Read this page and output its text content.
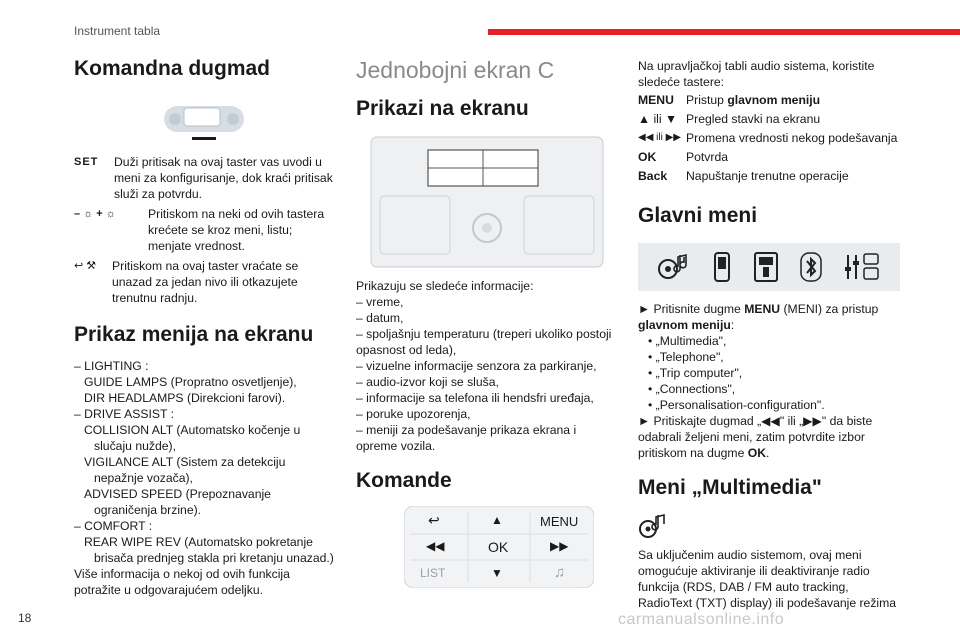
Instrument tabla
Komandna dugmad
SET	Duži pritisak na ovaj taster vas uvodi u meni za konfigurisanje, dok kraći pritisak služi za potvrdu.
– ☼ + ☼	Pritiskom na neki od ovih tastera krećete se kroz meni, listu; menjate vrednost.
↩ ⚒	Pritiskom na ovaj taster vraćate se unazad za jedan nivo ili otkazujete trenutnu radnju.
Prikaz menija na ekranu
– LIGHTING :
GUIDE LAMPS (Propratno osvetljenje),
DIR HEADLAMPS (Direkcioni farovi).
– DRIVE ASSIST :
COLLISION ALT (Automatsko kočenje u slučaju nužde),
VIGILANCE ALT (Sistem za detekciju nepažnje vozača),
ADVISED SPEED (Prepoznavanje ograničenja brzine).
– COMFORT :
REAR WIPE REV (Automatsko pokretanje brisača prednjeg stakla pri kretanju unazad.)
Više informacija o nekoj od ovih funkcija potražite u odgovarajućem odeljku.
Jednobojni ekran C
Prikazi na ekranu
Prikazuju se sledeće informacije:
– vreme,
– datum,
– spoljašnju temperaturu (treperi ukoliko postoji opasnost od leda),
– vizuelne informacije senzora za parkiranje,
– audio-izvor koji se sluša,
– informacije sa telefona ili hendsfri uređaja,
– poruke upozorenja,
– meniji za podešavanje prikaza ekrana i opreme vozila.
Komande
↩	▲	MENU
◀◀	OK	▶▶
LIST	▼	♫
Na upravljačkoj tabli audio sistema, koristite sledeće tastere:
MENU	Pristup glavnom meniju
▲ ili ▼	Pregled stavki na ekranu
◀◀ ili ▶▶	Promena vrednosti nekog podešavanja
OK	Potvrda
Back	Napuštanje trenutne operacije
Glavni meni
► Pritisnite dugme MENU (MENI) za pristup
glavnom meniju:
• „Multimedia",
• „Telephone",
• „Trip computer",
• „Connections",
• „Personalisation-configuration".
► Pritiskajte dugmad „◀◀" ili „▶▶" da biste odabrali željeni meni, zatim potvrdite izbor pritiskom na dugme OK.
Meni „Multimedia"
Sa uključenim audio sistemom, ovaj meni omogućuje aktiviranje ili deaktiviranje radio funkcija (RDS, DAB / FM auto tracking, RadioText (TXT) display) ili podešavanje režima
18	carmanualsonline.info
